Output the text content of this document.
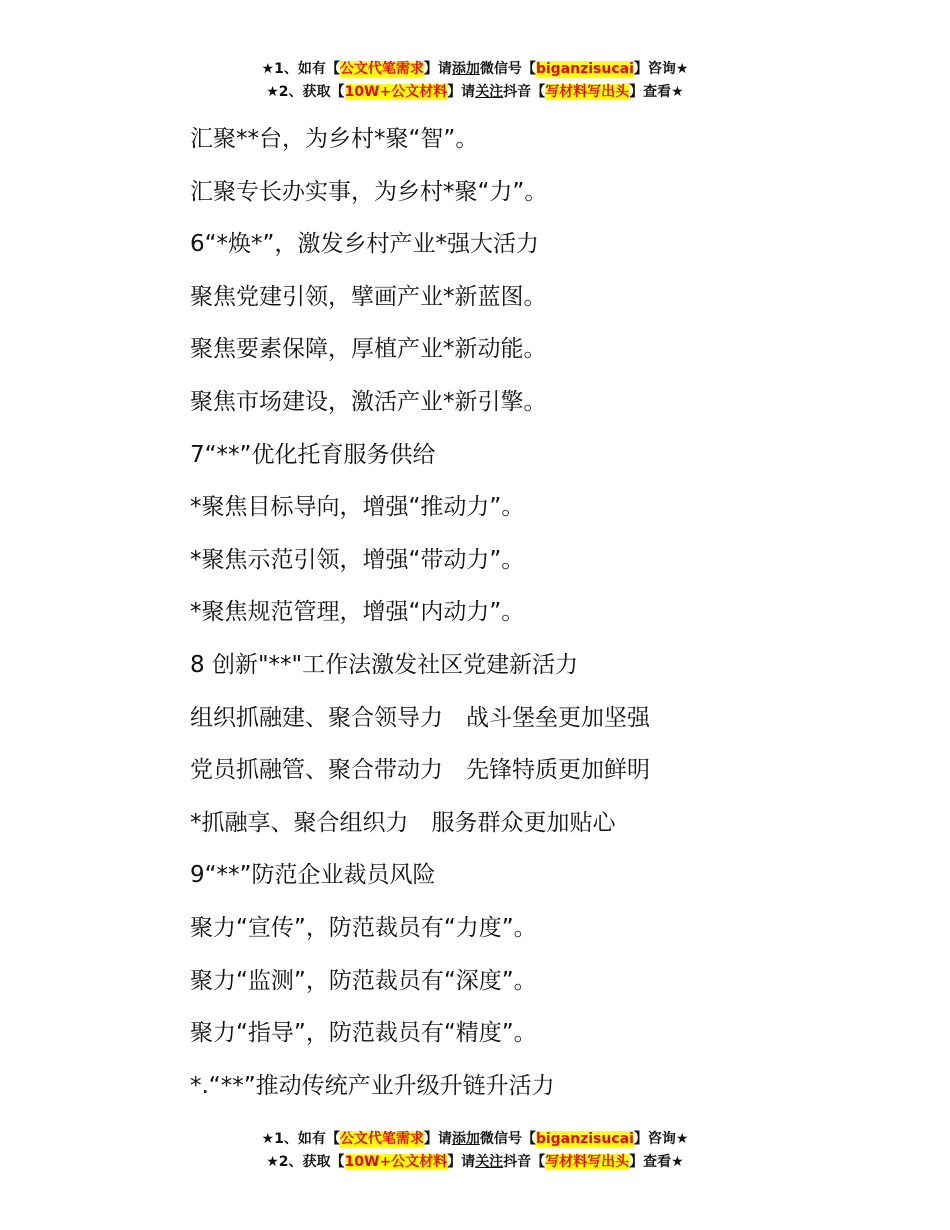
★1、如有【公文代笔需求】请添加微信号【biganzisucai】咨询★
★2、获取【10W+公文材料】请关注抖音【写材料写出头】查看★
汇聚**台，为乡村*聚“智”。
汇聚专长办实事，为乡村*聚“力”。
6“*焕*”，激发乡村产业*强大活力
聚焦党建引领，擘画产业*新蓝图。
聚焦要素保障，厚植产业*新动能。
聚焦市场建设，激活产业*新引擎。
7“**”优化托育服务供给
*聚焦目标导向，增强“推动力”。
*聚焦示范引领，增强“带动力”。
*聚焦规范管理，增强“内动力”。
8 创新"**"工作法激发社区党建新活力
组织抓融建、聚合领导力　战斗堡垒更加坚强
党员抓融管、聚合带动力　先锋特质更加鲜明
*抓融享、聚合组织力　服务群众更加贴心
9“**”防范企业裁员风险
聚力“宣传”，防范裁员有“力度”。
聚力“监测”，防范裁员有“深度”。
聚力“指导”，防范裁员有“精度”。
*.“**”推动传统产业升级升链升活力
★1、如有【公文代笔需求】请添加微信号【biganzisucai】咨询★
★2、获取【10W+公文材料】请关注抖音【写材料写出头】查看★
